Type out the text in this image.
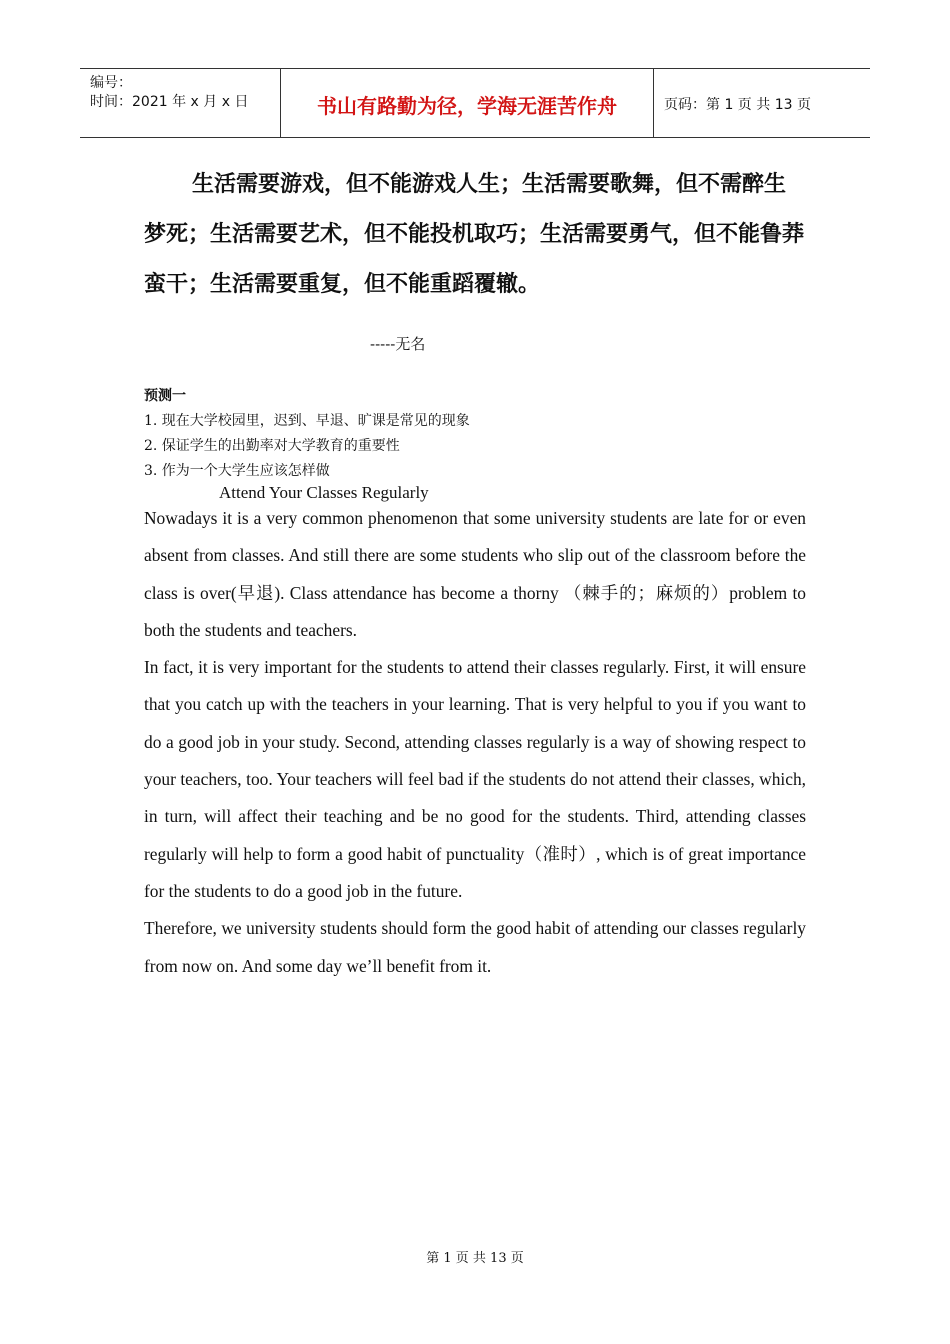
编号：
时间：2021 年 x 月 x 日	书山有路勤为径，学海无涯苦作舟	页码：第 1 页 共 13 页
生活需要游戏，但不能游戏人生；生活需要歌舞，但不需醉生梦死；生活需要艺术，但不能投机取巧；生活需要勇气，但不能鲁莽蛮干；生活需要重复，但不能重蹈覆辙。
-----无名
预测一
1. 现在大学校园里，迟到、早退、旷课是常见的现象
2. 保证学生的出勤率对大学教育的重要性
3. 作为一个大学生应该怎样做
Attend Your Classes Regularly

Nowadays it is a very common phenomenon that some university students are late for or even absent from classes. And still there are some students who slip out of the classroom before the class is over(早退). Class attendance has become a thorny （棘手的；麻烦的）problem to both the students and teachers.

In fact, it is very important for the students to attend their classes regularly. First, it will ensure that you catch up with the teachers in your learning. That is very helpful to you if you want to do a good job in your study. Second, attending classes regularly is a way of showing respect to your teachers, too. Your teachers will feel bad if the students do not attend their classes, which, in turn, will affect their teaching and be no good for the students. Third, attending classes regularly will help to form a good habit of punctuality（准时）, which is of great importance for the students to do a good job in the future.

Therefore, we university students should form the good habit of attending our classes regularly from now on. And some day we’ll benefit from it.

第 1 页 共 13 页
